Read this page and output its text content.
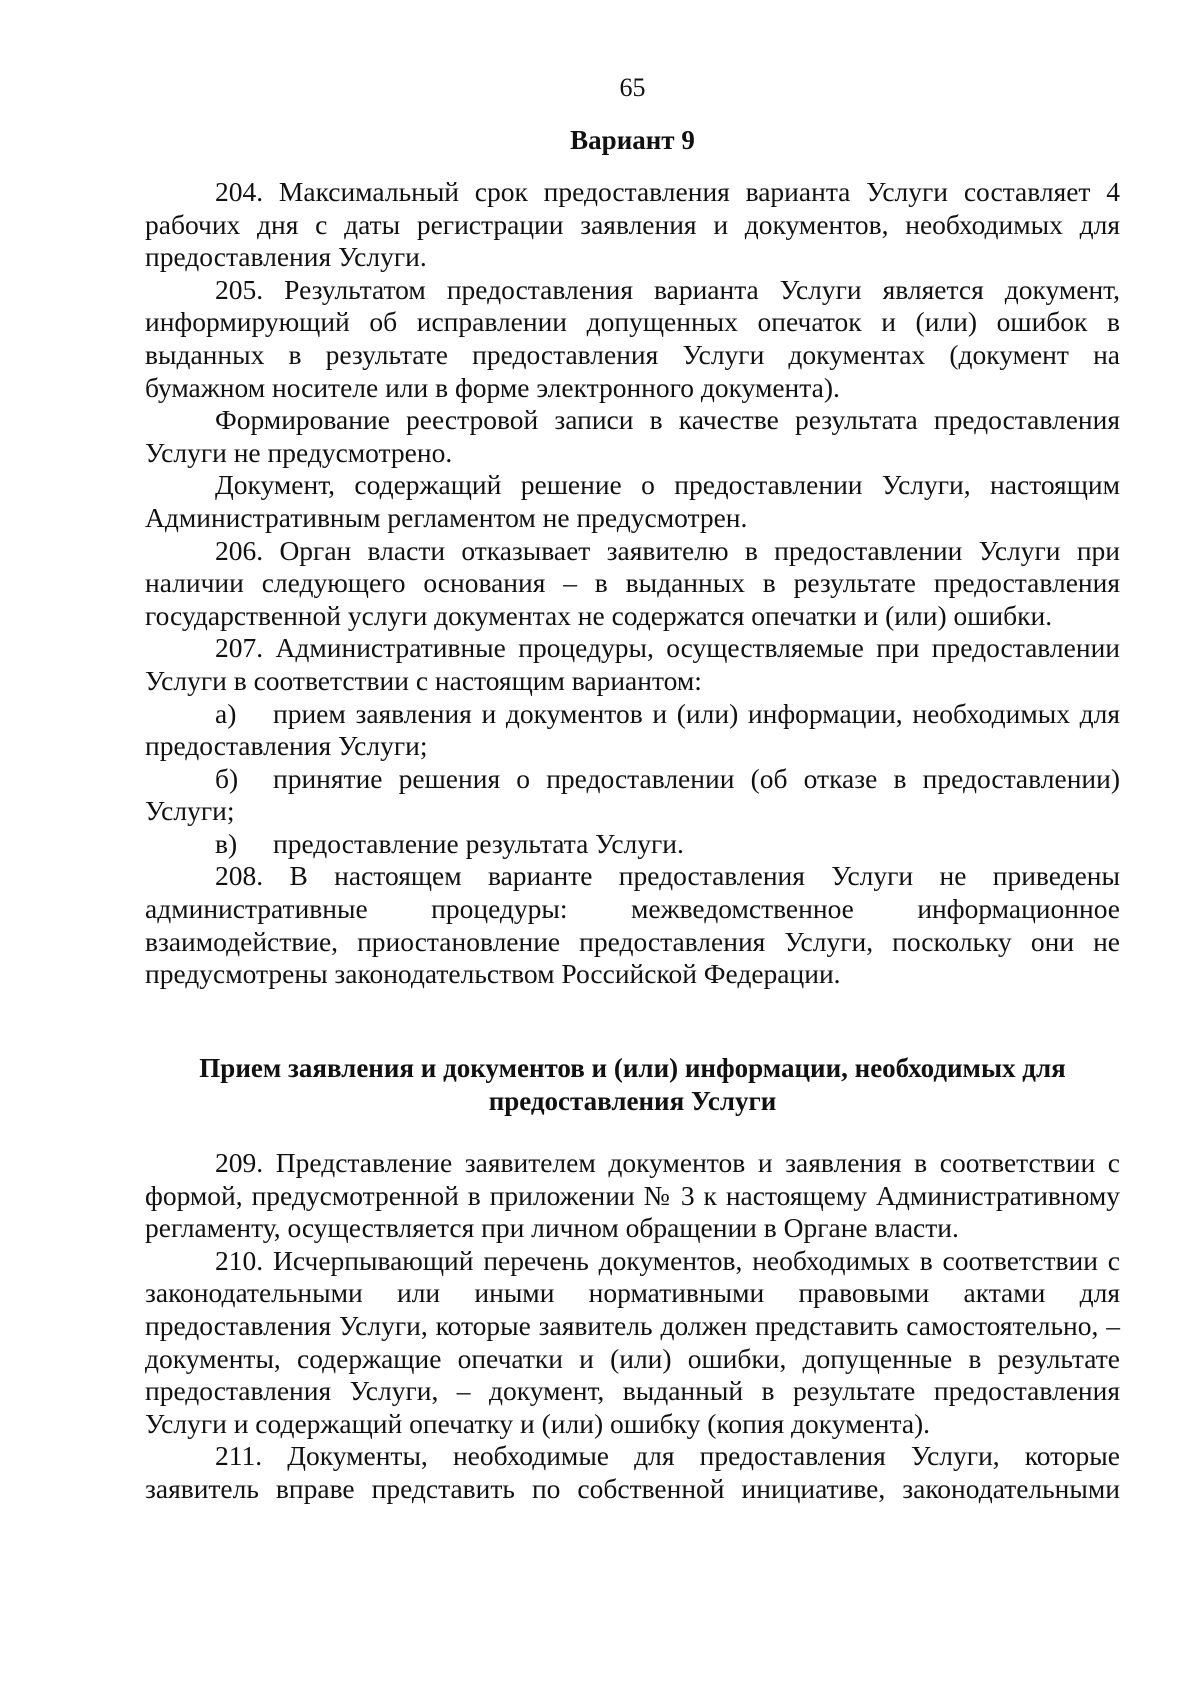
65
Вариант 9

204. Максимальный срок предоставления варианта Услуги составляет 4 рабочих дня с даты регистрации заявления и документов, необходимых для предоставления Услуги.

205. Результатом предоставления варианта Услуги является документ, информирующий об исправлении допущенных опечаток и (или) ошибок в выданных в результате предоставления Услуги документах (документ на бумажном носителе или в форме электронного документа).

Формирование реестровой записи в качестве результата предоставления Услуги не предусмотрено.

Документ, содержащий решение о предоставлении Услуги, настоящим Административным регламентом не предусмотрен.

206. Орган власти отказывает заявителю в предоставлении Услуги при наличии следующего основания – в выданных в результате предоставления государственной услуги документах не содержатся опечатки и (или) ошибки.

207. Административные процедуры, осуществляемые при предоставлении Услуги в соответствии с настоящим вариантом:

а) прием заявления и документов и (или) информации, необходимых для предоставления Услуги;

б) принятие решения о предоставлении (об отказе в предоставлении) Услуги;

в) предоставление результата Услуги.

208. В настоящем варианте предоставления Услуги не приведены административные процедуры: межведомственное информационное взаимодействие, приостановление предоставления Услуги, поскольку они не предусмотрены законодательством Российской Федерации.

Прием заявления и документов и (или) информации, необходимых для
предоставления Услуги

209. Представление заявителем документов и заявления в соответствии с формой, предусмотренной в приложении № 3 к настоящему Административному регламенту, осуществляется при личном обращении в Органе власти.

210. Исчерпывающий перечень документов, необходимых в соответствии с законодательными или иными нормативными правовыми актами для предоставления Услуги, которые заявитель должен представить самостоятельно, – документы, содержащие опечатки и (или) ошибки, допущенные в результате предоставления Услуги, – документ, выданный в результате предоставления Услуги и содержащий опечатку и (или) ошибку (копия документа).

211. Документы, необходимые для предоставления Услуги, которые заявитель вправе представить по собственной инициативе, законодательными
